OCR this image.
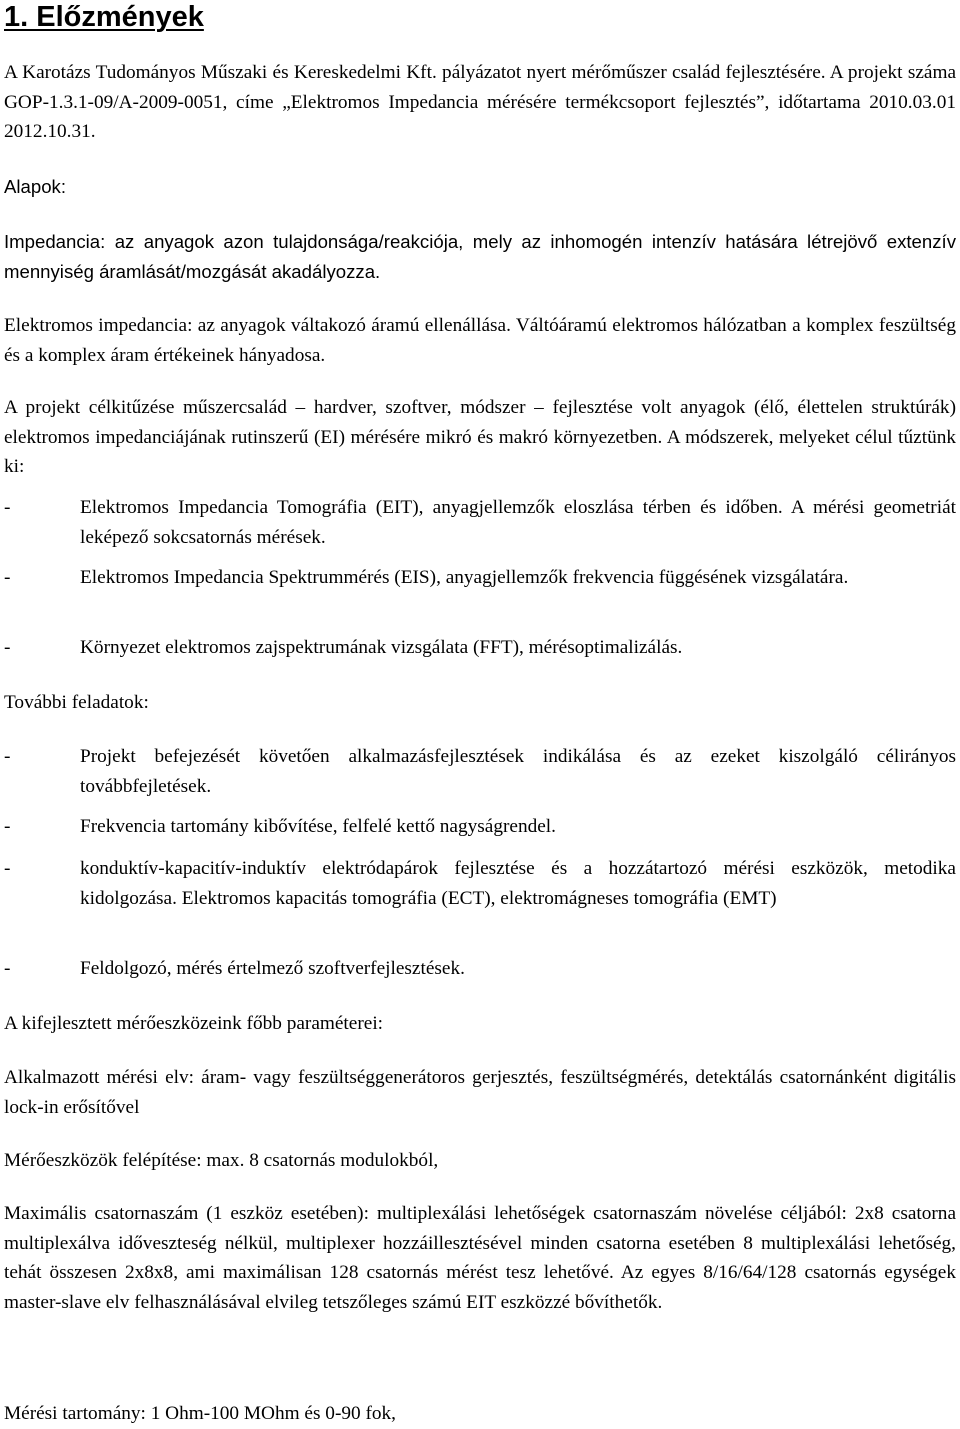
1. Előzmények
A Karotázs Tudományos Műszaki és Kereskedelmi Kft. pályázatot nyert mérőműszer család fejlesztésére. A projekt száma GOP-1.3.1-09/A-2009-0051, címe „Elektromos Impedancia mérésére termékcsoport fejlesztés”, időtartama 2010.03.01 2012.10.31.
Alapok:
Impedancia: az anyagok azon tulajdonsága/reakciója, mely az inhomogén intenzív hatására létrejövő extenzív mennyiség áramlását/mozgását akadályozza.
Elektromos impedancia: az anyagok váltakozó áramú ellenállása. Váltóáramú elektromos hálózatban a komplex feszültség és a komplex áram értékeinek hányadosa.
A projekt célkitűzése műszercsalád – hardver, szoftver, módszer – fejlesztése volt anyagok (élő, élettelen struktúrák) elektromos impedanciájának rutinszerű (EI) mérésére mikró és makró környezetben. A módszerek, melyeket célul tűztünk ki:
-	Elektromos Impedancia Tomográfia (EIT), anyagjellemzők eloszlása térben és időben. A mérési geometriát leképező sokcsatornás mérések.
-	Elektromos Impedancia Spektrummérés (EIS), anyagjellemzők frekvencia függésének vizsgálatára.
-	Környezet elektromos zajspektrumának vizsgálata (FFT), mérésoptimalizálás.
További feladatok:
-	Projekt befejezését követően alkalmazásfejlesztések indikálása és az ezeket kiszolgáló célirányos továbbfejletések.
-	Frekvencia tartomány kibővítése, felfelé kettő nagyságrendel.
-	konduktív-kapacitív-induktív elektródapárok fejlesztése és a hozzátartozó mérési eszközök, metodika kidolgozása. Elektromos kapacitás tomográfia (ECT), elektromágneses tomográfia (EMT)
-	Feldolgozó, mérés értelmező szoftverfejlesztések.
A kifejlesztett mérőeszközeink főbb paraméterei:
Alkalmazott mérési elv: áram- vagy feszültséggenerátoros gerjesztés, feszültségmérés, detektálás csatornánként digitális lock-in erősítővel
Mérőeszközök felépítése: max. 8 csatornás modulokból,
Maximális csatornaszám (1 eszköz esetében): multiplexálási lehetőségek csatornaszám növelése céljából: 2x8 csatorna multiplexálva időveszteség nélkül, multiplexer hozzáillesztésével minden csatorna esetében 8 multiplexálási lehetőség, tehát összesen 2x8x8, ami maximálisan 128 csatornás mérést tesz lehetővé. Az egyes 8/16/64/128 csatornás egységek master-slave elv felhasználásával elvileg tetszőleges számú EIT eszközzé bővíthetők.
Mérési tartomány: 1 Ohm-100 MOhm és 0-90 fok,
